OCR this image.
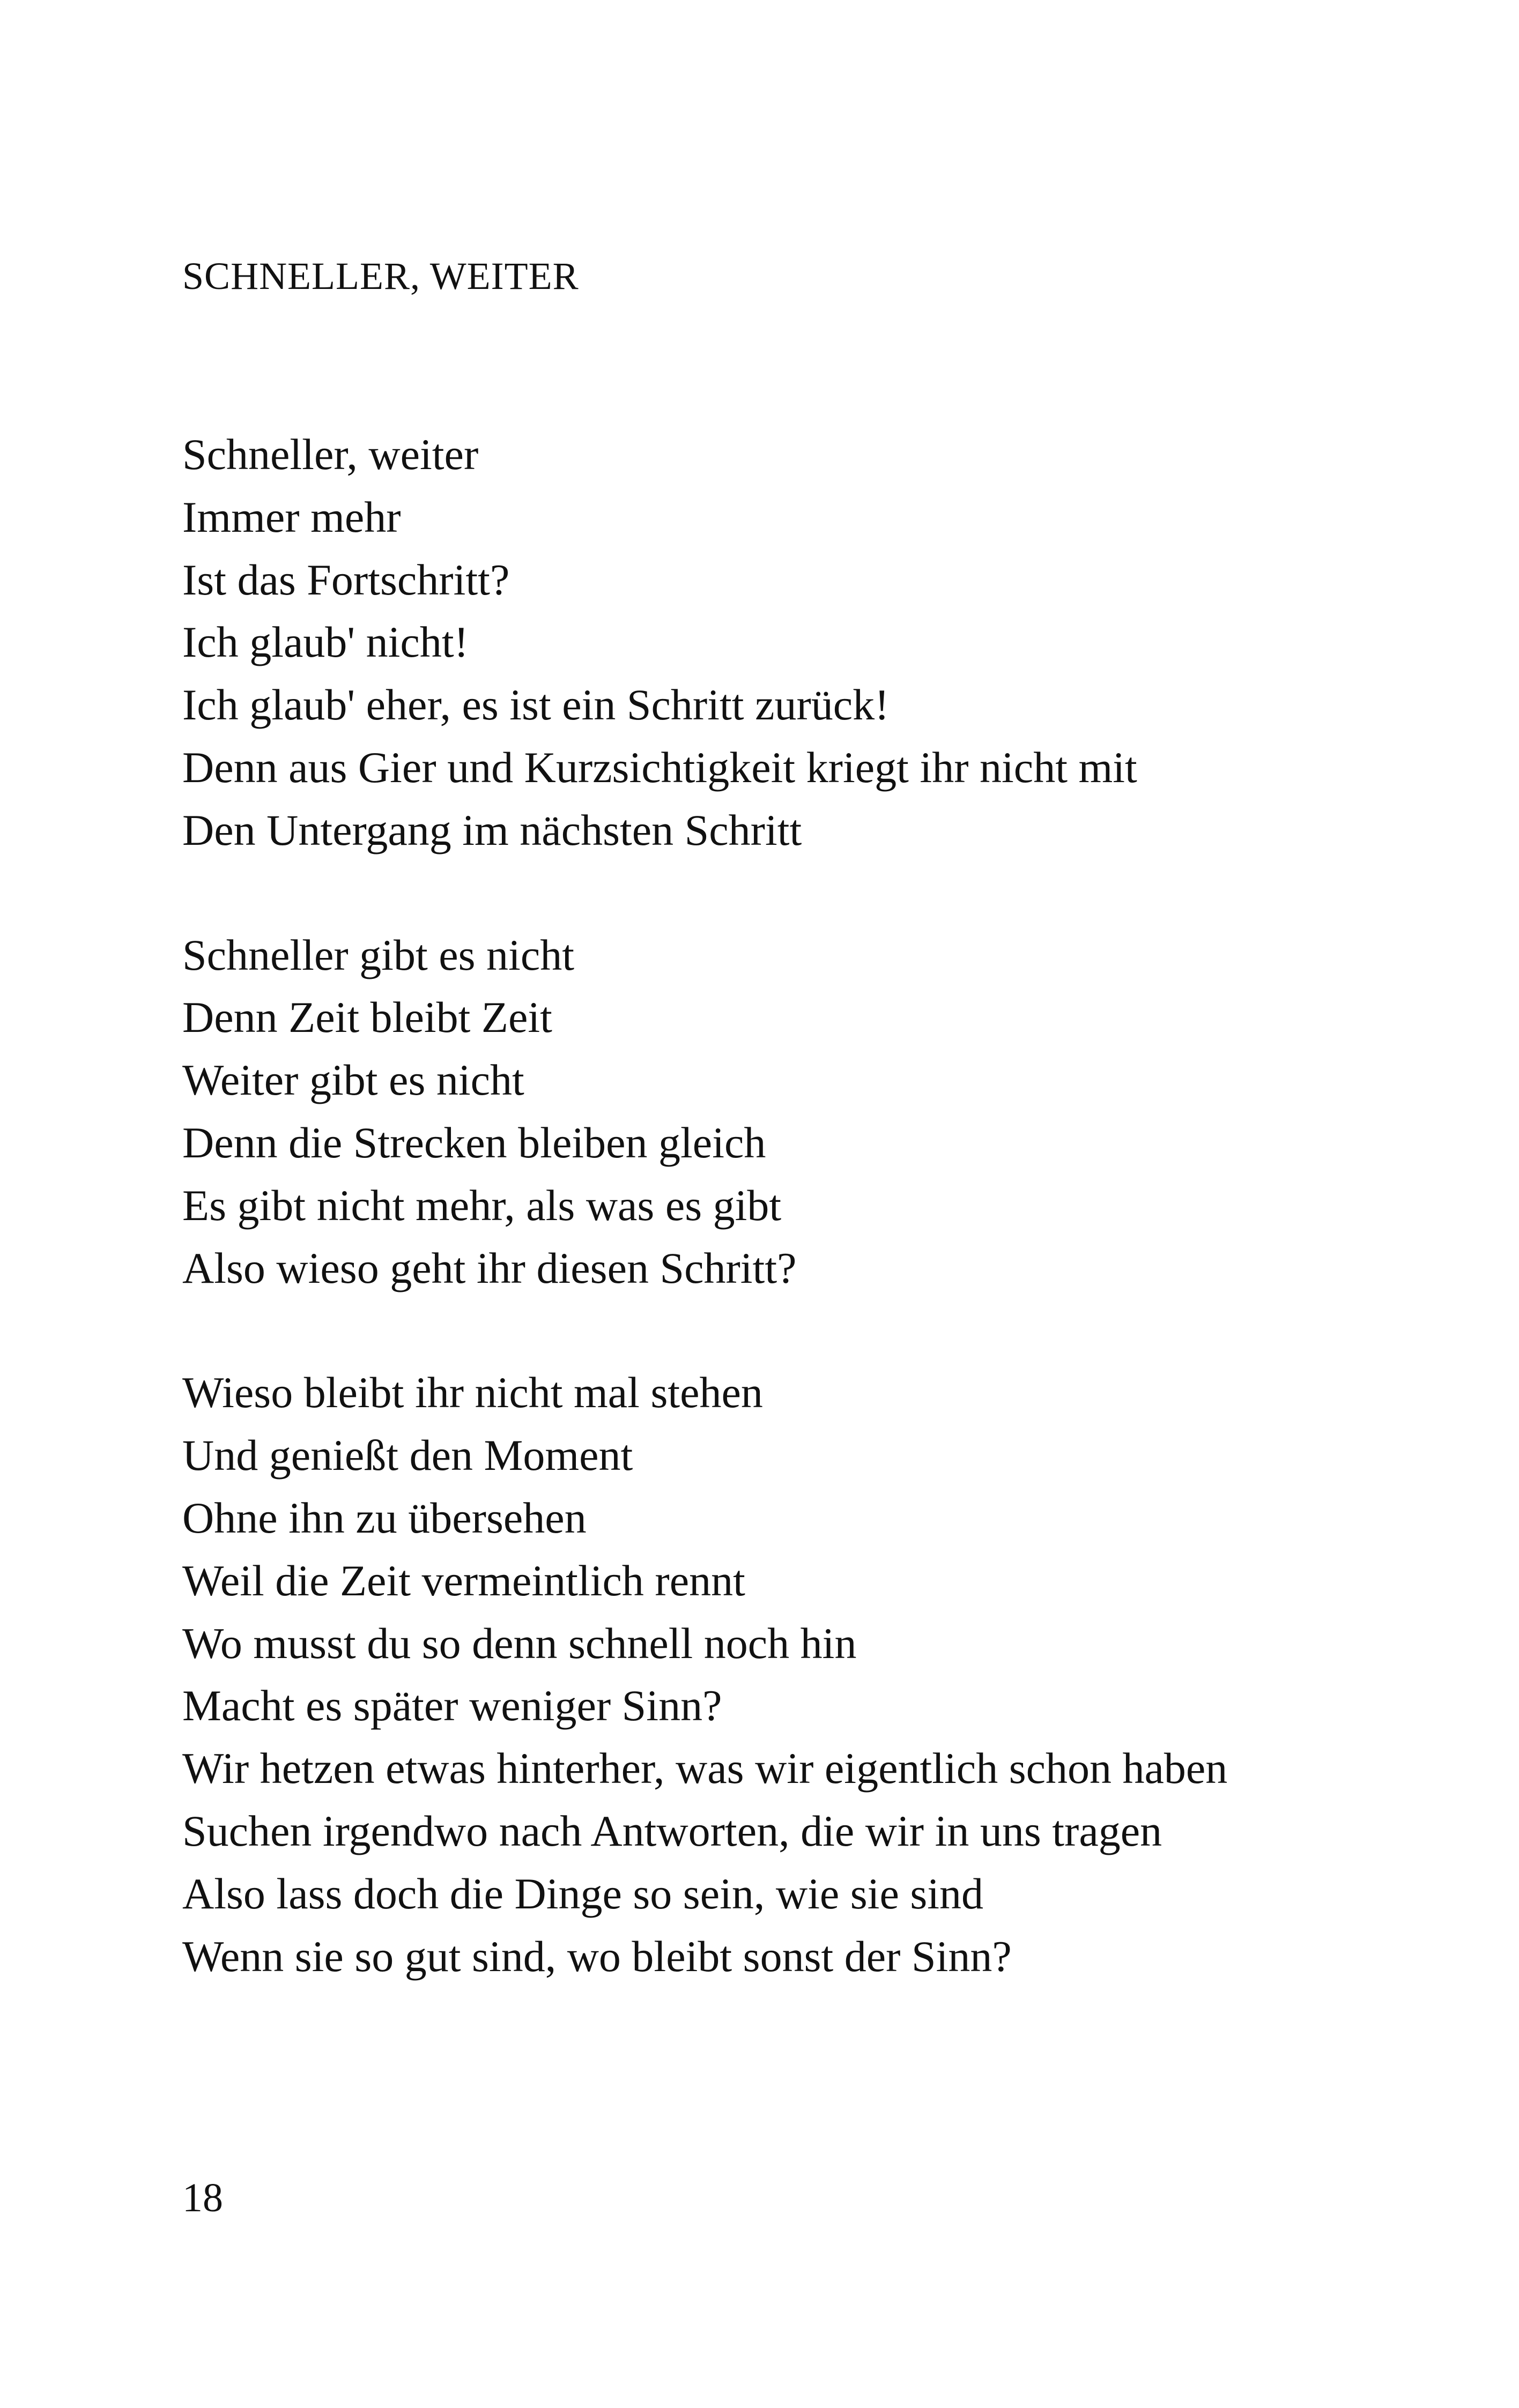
SCHNELLER, WEITER
Schneller, weiter
Immer mehr
Ist das Fortschritt?
Ich glaub' nicht!
Ich glaub' eher, es ist ein Schritt zurück!
Denn aus Gier und Kurzsichtigkeit kriegt ihr nicht mit
Den Untergang im nächsten Schritt
Schneller gibt es nicht
Denn Zeit bleibt Zeit
Weiter gibt es nicht
Denn die Strecken bleiben gleich
Es gibt nicht mehr, als was es gibt
Also wieso geht ihr diesen Schritt?
Wieso bleibt ihr nicht mal stehen
Und genießt den Moment
Ohne ihn zu übersehen
Weil die Zeit vermeintlich rennt
Wo musst du so denn schnell noch hin
Macht es später weniger Sinn?
Wir hetzen etwas hinterher, was wir eigentlich schon haben
Suchen irgendwo nach Antworten, die wir in uns tragen
Also lass doch die Dinge so sein, wie sie sind
Wenn sie so gut sind, wo bleibt sonst der Sinn?
18
